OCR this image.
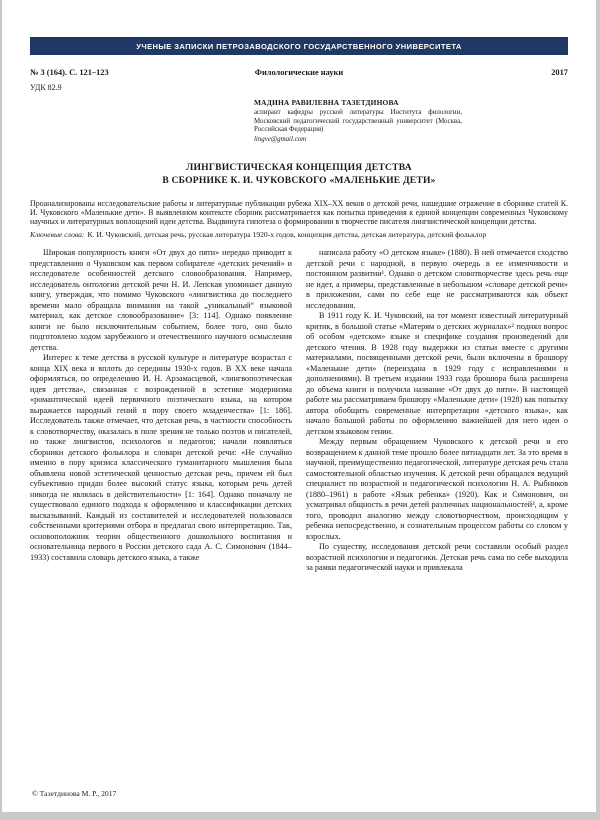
УЧЕНЫЕ ЗАПИСКИ ПЕТРОЗАВОДСКОГО ГОСУДАРСТВЕННОГО УНИВЕРСИТЕТА
№ 3 (164). С. 121–123	Филологические науки	2017
УДК 82.9
МАДИНА РАВИЛЕВНА ТАЗЕТДИНОВА
аспирант кафедры русской литературы Института филологии, Московский педагогический государственный университет (Москва, Российская Федерация)
lingve@gmail.com
ЛИНГВИСТИЧЕСКАЯ КОНЦЕПЦИЯ ДЕТСТВА
В СБОРНИКЕ К. И. ЧУКОВСКОГО «МАЛЕНЬКИЕ ДЕТИ»

Проанализированы исследовательские работы и литературные публикации рубежа XIX–XX веков о детской речи, нашедшие отражение в сборнике статей К. И. Чуковского «Маленькие дети». В выявленном контексте сборник рассматривается как попытка приведения к единой концепции современных Чуковскому научных и литературных воплощений идеи детства. Выдвинута гипотеза о формировании в творчестве писателя лингвистической концепции детства.

Ключевые слова: К. И. Чуковский, детская речь, русская литература 1920-х годов, концепция детства, детская литература, детский фольклор

Широкая популярность книги «От двух до пяти» нередко приводит к представлению о Чуковском как первом собирателе «детских речений» и исследователе особенностей детского словообразования. Например, исследователь онтологии детской речи Н. И. Лепская упоминает данную книгу, утверждая, что помимо Чуковского «лингвистика до последнего времени мало обращала внимания на такой „уникальный“ языковой материал, как детское словообразование» [3: 114]. Однако появление книги не было исключительным событием, более того, оно было подготовлено ходом зарубежного и отечественного научного осмысления детства.

Интерес к теме детства в русской культуре и литературе возрастал с конца XIX века и вплоть до середины 1930-х годов. В XX веке начала оформляться, по определению И. Н. Арзамасцевой, «лингвопоэтическая идея детства», связанная с возрожденной в эстетике модернизма «романтической идеей первичного поэтического языка, на котором выражается народный гений в пору своего младенчества» [1: 186]. Исследователь также отмечает, что детская речь, в частности способность к словотворчеству, оказалась в поле зрения не только поэтов и писателей, но также лингвистов, психологов и педагогов; начали появляться сборники детского фольклора и словари детской речи: «Не случайно именно в пору кризиса классического гуманитарного мышления была объявлена новой эстетической ценностью детская речь, причем ей был субъективно придан более высокий статус языка, которым речь детей никогда не являлась в действительности» [1: 164]. Однако поначалу не существовало единого подхода к оформлению и классификации детских высказываний. Каждый из составителей и исследователей пользовался собственными критериями отбора и предлагал свою интерпретацию. Так, основоположник теории общественного дошкольного воспитания и основательница первого в России детского сада А. С. Симонович (1844–1933) составила словарь детского языка, а также

написала работу «О детском языке» (1880). В ней отмечается сходство детской речи с народной, в первую очередь в ее изменчивости и постоянном развитии¹. Однако о детском словотворчестве здесь речь еще не идет, а примеры, представленные в небольшом «словаре детской речи» в приложении, сами по себе еще не рассматриваются как объект исследования.

В 1911 году К. И. Чуковский, на тот момент известный литературный критик, в большой статье «Матерям о детских журналах»² поднял вопрос об особом «детском» языке и специфике создания произведений для детского чтения. В 1928 году выдержки из статьи вместе с другими материалами, посвященными детской речи, были включены в брошюру «Маленькие дети» (переиздана в 1929 году с исправлениями и дополнениями). В третьем издании 1933 года брошюра была расширена до объема книги и получила название «От двух до пяти». В настоящей работе мы рассматриваем брошюру «Маленькие дети» (1928) как попытку автора обобщить современные интерпретации «детского языка», как начало большой работы по оформлению важнейшей для него идеи о детском языковом гении.

Между первым обращением Чуковского к детской речи и его возвращением к данной теме прошло более пятнадцати лет. За это время в научной, преимущественно педагогической, литературе детская речь стала самостоятельной областью изучения. К детской речи обращался ведущий специалист по возрастной и педагогической психологии Н. А. Рыбников (1880–1961) в работе «Язык ребенка» (1920). Как и Симонович, он усматривал общность в речи детей различных национальностей³, а, кроме того, проводил аналогию между словотворчеством, происходящим у ребенка непосредственно, и сознательным процессом работы со словом у взрослых.

По существу, исследования детской речи составили особый раздел возрастной психологии и педагогики. Детская речь сама по себе выходила за рамки педагогической науки и привлекала

© Тазетдинова М. Р., 2017
